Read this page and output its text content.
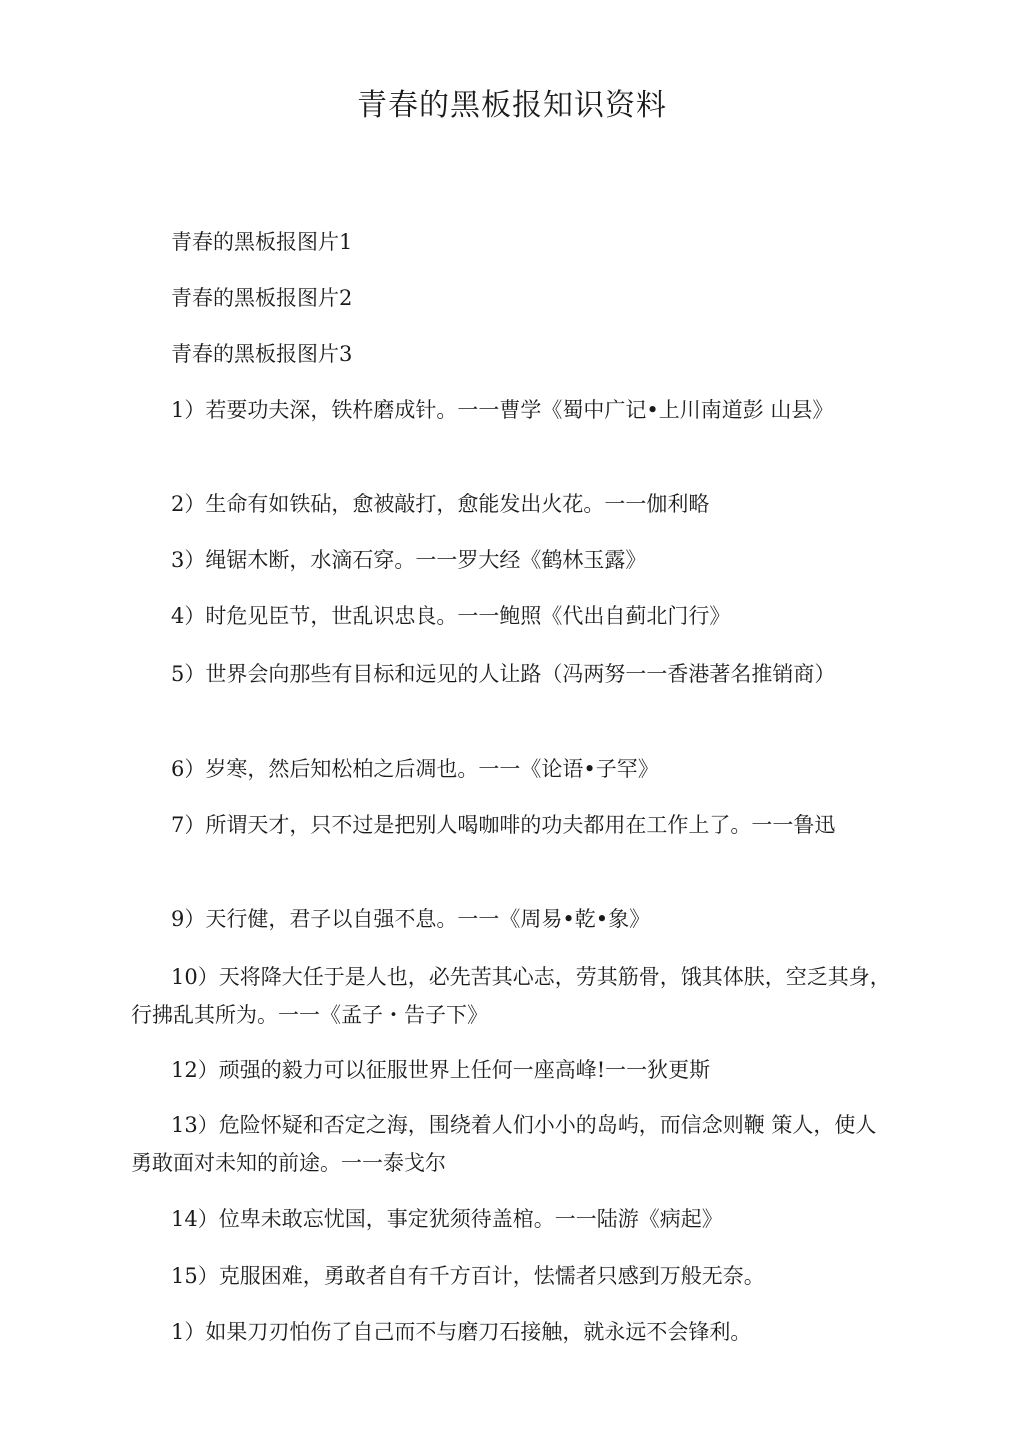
青春的黑板报知识资料

青春的黑板报图片1

青春的黑板报图片2

青春的黑板报图片3

1）若要功夫深，铁杵磨成针。一一曹学《蜀中广记•上川南道彭 山县》

2）生命有如铁砧，愈被敲打，愈能发出火花。一一伽利略

3）绳锯木断，水滴石穿。一一罗大经《鹤林玉露》

4）时危见臣节，世乱识忠良。一一鲍照《代出自蓟北门行》

5）世界会向那些有目标和远见的人让路（冯两努一一香港著名推销商）

6）岁寒，然后知松柏之后凋也。一一《论语•子罕》

7）所谓天才，只不过是把别人喝咖啡的功夫都用在工作上了。一一鲁迅

9）天行健，君子以自强不息。一一《周易•乾•象》

10）天将降大任于是人也，必先苦其心志，劳其筋骨，饿其体肤，空乏其身，行拂乱其所为。一一《孟子・告子下》

12）顽强的毅力可以征服世界上任何一座高峰!一一狄更斯

13）危险怀疑和否定之海，围绕着人们小小的岛屿，而信念则鞭 策人，使人勇敢面对未知的前途。一一泰戈尔

14）位卑未敢忘忧国，事定犹须待盖棺。一一陆游《病起》

15）克服困难，勇敢者自有千方百计，怯懦者只感到万般无奈。

1）如果刀刃怕伤了自己而不与磨刀石接触，就永远不会锋利。
